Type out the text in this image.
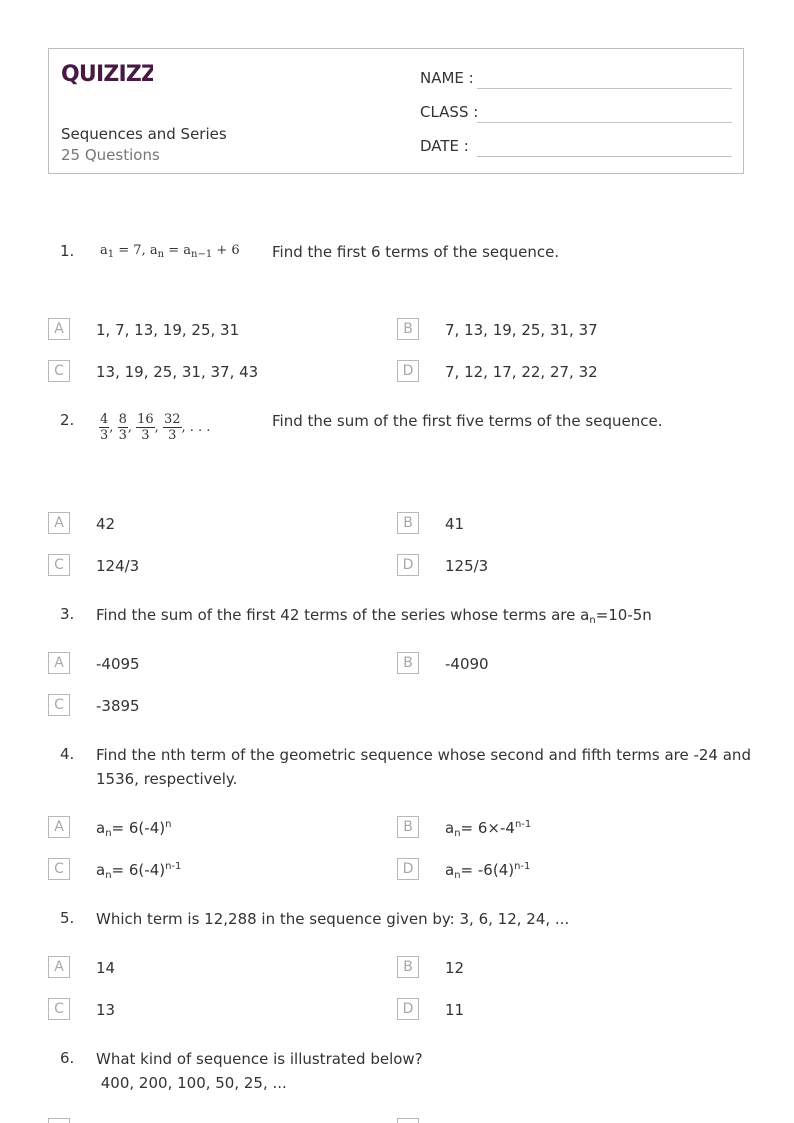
QUIZIZZ
Sequences and Series
25 Questions
NAME :
CLASS :
DATE :
1. $a_1 = 7$, $a_n = a_{n-1} + 6$ Find the first 6 terms of the sequence.
A	1, 7, 13, 19, 25, 31	B	7, 13, 19, 25, 31, 37
C	13, 19, 25, 31, 37, 43	D	7, 12, 17, 22, 27, 32
2. $\frac{4}{3}$ , $\frac{8}{3}$ , $\frac{16}{3}$ , $\frac{32}{3}$ , . . .	Find the sum of the first five terms of the sequence.
A	42	B	41
C	124/3	D	125/3
3. Find the sum of the first 42 terms of the series whose terms are $a_n=10-5n$
A	-4095	B	-4090
C	-3895
4. Find the nth term of the geometric sequence whose second and fifth terms are -24 and
1536, respectively.
A	$a_n= 6(-4)^n$	B	$a_n= 6\times-4^{n-1}$
C	$a_n= 6(-4)^{n-1}$	D	$a_n= -6(4)^{n-1}$
5. Which term is 12,288 in the sequence given by: 3, 6, 12, 24, ...
A	14	B	12
C	13	D	11
6. What kind of sequence is illustrated below?
400, 200, 100, 50, 25, ...
